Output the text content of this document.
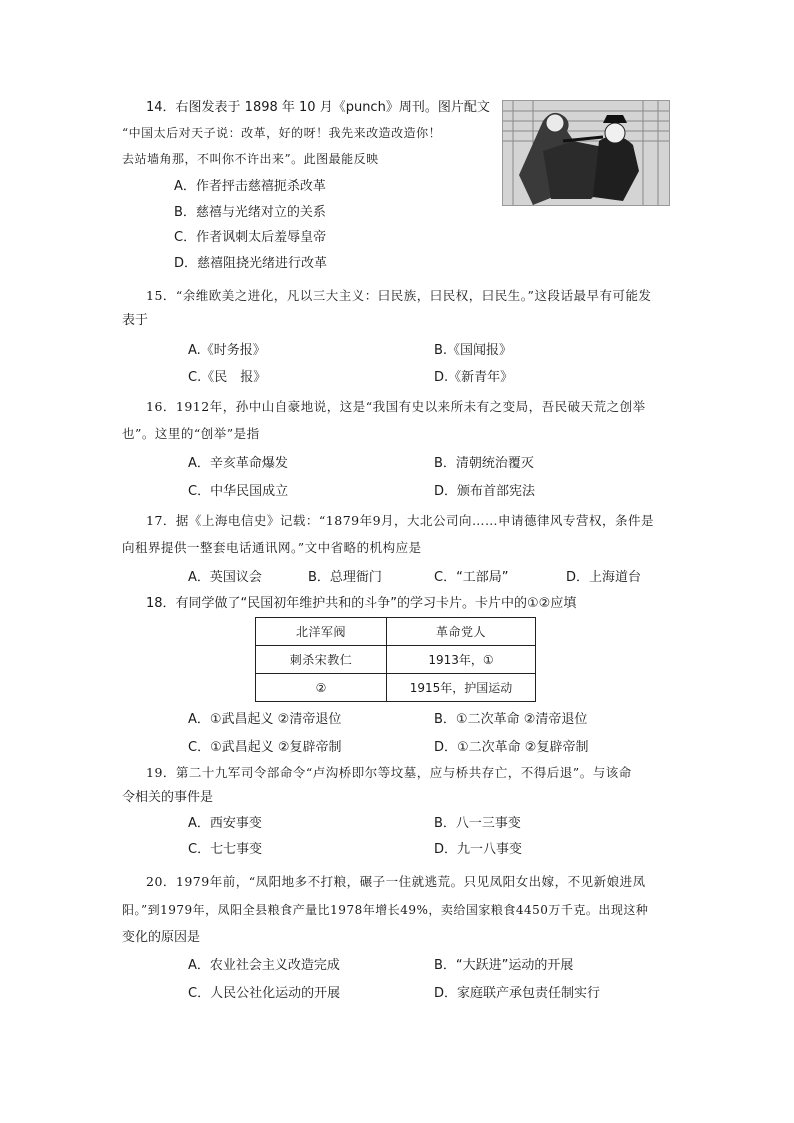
14．右图发表于 1898 年 10 月《punch》周刊。图片配文
“中国太后对天子说：改革，好的呀！我先来改造改造你！
去站墙角那，不叫你不许出来”。此图最能反映
A．作者抨击慈禧扼杀改革
B．慈禧与光绪对立的关系
C．作者讽刺太后羞辱皇帝
D．慈禧阻挠光绪进行改革
15．“余维欧美之进化，凡以三大主义：曰民族，曰民权，曰民生。”这段话最早有可能发
表于
A.《时务报》	B.《国闻报》
C.《民　报》	D.《新青年》
16．1912年，孙中山自豪地说，这是“我国有史以来所未有之变局，吾民破天荒之创举
也”。这里的“创举”是指
A．辛亥革命爆发	B．清朝统治覆灭
C．中华民国成立	D．颁布首部宪法
17．据《上海电信史》记载：“1879年9月，大北公司向……申请德律风专营权，条件是
向租界提供一整套电话通讯网。”文中省略的机构应是
A．英国议会	B．总理衙门	C．“工部局”	D．上海道台
18．有同学做了“民国初年维护共和的斗争”的学习卡片。卡片中的①②应填
北洋军阀	革命党人
刺杀宋教仁	1913年，①
②	1915年，护国运动
A．①武昌起义 ②清帝退位	B．①二次革命 ②清帝退位
C．①武昌起义 ②复辟帝制	D．①二次革命 ②复辟帝制
19．第二十九军司令部命令“卢沟桥即尔等坟墓，应与桥共存亡，不得后退”。与该命
令相关的事件是
A．西安事变	B．八一三事变
C．七七事变	D．九一八事变
20．1979年前，“凤阳地多不打粮，碾子一住就逃荒。只见凤阳女出嫁，不见新娘进凤
阳。”到1979年，凤阳全县粮食产量比1978年增长49%，卖给国家粮食4450万千克。出现这种
变化的原因是
A．农业社会主义改造完成	B．“大跃进”运动的开展
C．人民公社化运动的开展	D．家庭联产承包责任制实行
